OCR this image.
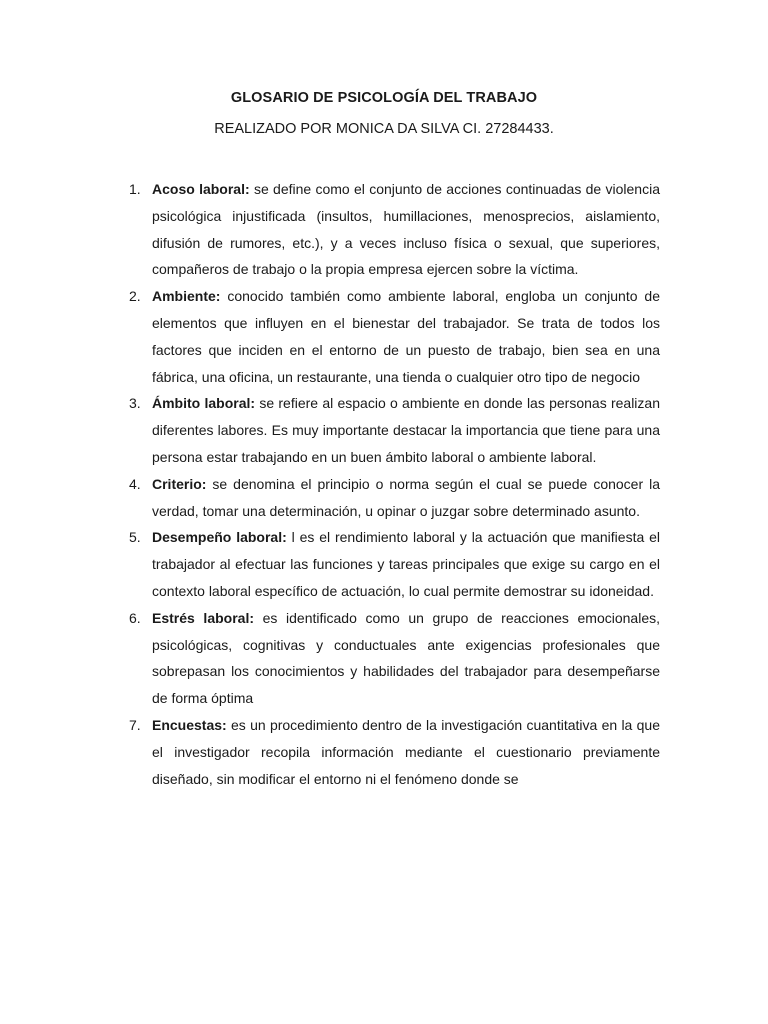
GLOSARIO DE PSICOLOGÍA DEL TRABAJO
REALIZADO POR MONICA DA SILVA CI. 27284433.
1. Acoso laboral: se define como el conjunto de acciones continuadas de violencia psicológica injustificada (insultos, humillaciones, menosprecios, aislamiento, difusión de rumores, etc.), y a veces incluso física o sexual, que superiores, compañeros de trabajo o la propia empresa ejercen sobre la víctima.
2. Ambiente: conocido también como ambiente laboral, engloba un conjunto de elementos que influyen en el bienestar del trabajador. Se trata de todos los factores que inciden en el entorno de un puesto de trabajo, bien sea en una fábrica, una oficina, un restaurante, una tienda o cualquier otro tipo de negocio
3. Ámbito laboral: se refiere al espacio o ambiente en donde las personas realizan diferentes labores. Es muy importante destacar la importancia que tiene para una persona estar trabajando en un buen ámbito laboral o ambiente laboral.
4. Criterio: se denomina el principio o norma según el cual se puede conocer la verdad, tomar una determinación, u opinar o juzgar sobre determinado asunto.
5. Desempeño laboral: l es el rendimiento laboral y la actuación que manifiesta el trabajador al efectuar las funciones y tareas principales que exige su cargo en el contexto laboral específico de actuación, lo cual permite demostrar su idoneidad.
6. Estrés laboral: es identificado como un grupo de reacciones emocionales, psicológicas, cognitivas y conductuales ante exigencias profesionales que sobrepasan los conocimientos y habilidades del trabajador para desempeñarse de forma óptima
7. Encuestas: es un procedimiento dentro de la investigación cuantitativa en la que el investigador recopila información mediante el cuestionario previamente diseñado, sin modificar el entorno ni el fenómeno donde se
